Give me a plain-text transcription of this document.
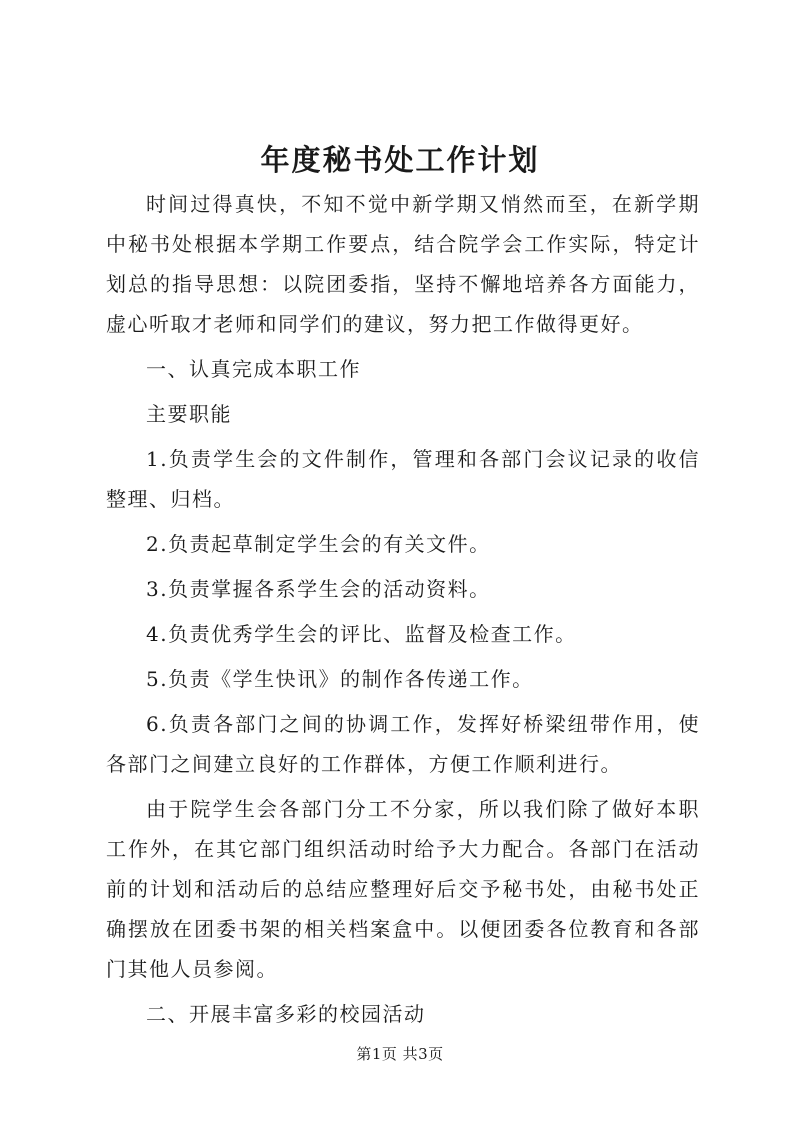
年度秘书处工作计划

时间过得真快，不知不觉中新学期又悄然而至，在新学期中秘书处根据本学期工作要点，结合院学会工作实际，特定计划总的指导思想：以院团委指，坚持不懈地培养各方面能力，虚心听取才老师和同学们的建议，努力把工作做得更好。

一、认真完成本职工作

主要职能

1.负责学生会的文件制作，管理和各部门会议记录的收信整理、归档。

2.负责起草制定学生会的有关文件。

3.负责掌握各系学生会的活动资料。

4.负责优秀学生会的评比、监督及检查工作。

5.负责《学生快讯》的制作各传递工作。

6.负责各部门之间的协调工作，发挥好桥梁纽带作用，使各部门之间建立良好的工作群体，方便工作顺利进行。

由于院学生会各部门分工不分家，所以我们除了做好本职工作外，在其它部门组织活动时给予大力配合。各部门在活动前的计划和活动后的总结应整理好后交予秘书处，由秘书处正确摆放在团委书架的相关档案盒中。以便团委各位教育和各部门其他人员参阅。

二、开展丰富多彩的校园活动

第1页 共3页
